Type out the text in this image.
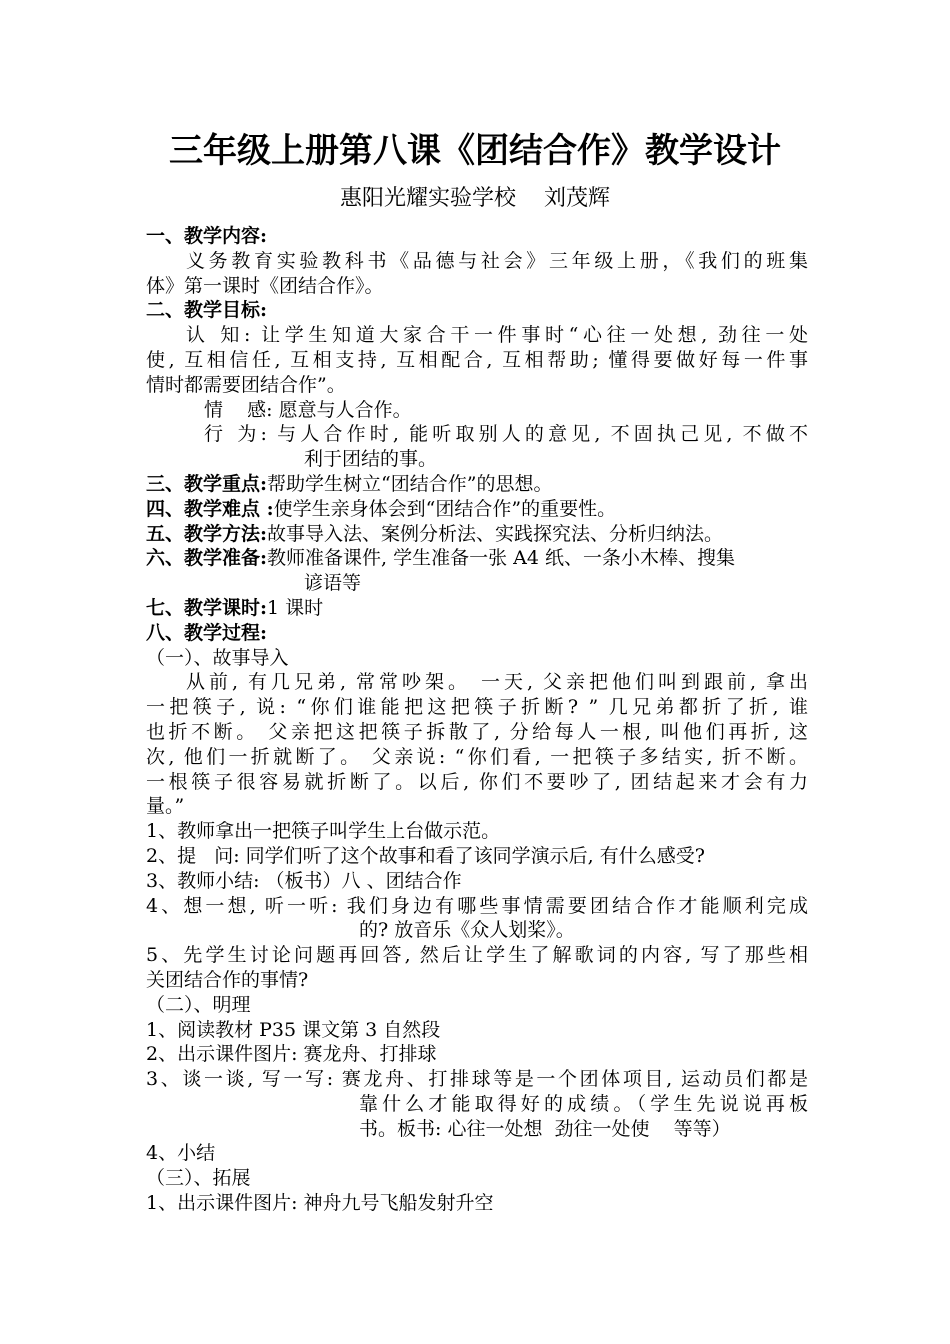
三年级上册第八课《团结合作》教学设计
惠阳光耀实验学校    刘茂辉
一、教学内容:
义务教育实验教科书《品德与社会》三年级上册，《我们的班集
体》第一课时《团结合作》。
二、教学目标:
认 知: 让学生知道大家合干一件事时“心往一处想, 劲往一处
使, 互相信任, 互相支持, 互相配合, 互相帮助; 懂得要做好每一件事
情时都需要团结合作”。
情    感: 愿意与人合作。
行 为: 与人合作时, 能听取别人的意见, 不固执己见, 不做不
利于团结的事。
三、教学重点: 帮助学生树立“团结合作”的思想。
四、教学难点 : 使学生亲身体会到“团结合作”的重要性。
五、教学方法: 故事导入法、案例分析法、实践探究法、分析归纳法。
六、教学准备: 教师准备课件, 学生准备一张 A4 纸、一条小木棒、搜集
谚语等
七、教学课时: 1 课时
八、教学过程:
（一）、故事导入
从前, 有几兄弟, 常常吵架。 一天, 父亲把他们叫到跟前, 拿出
一把筷子, 说: “你们谁能把这把筷子折断? ” 几兄弟都折了折, 谁
也折不断。 父亲把这把筷子拆散了, 分给每人一根, 叫他们再折, 这
次, 他们一折就断了。 父亲说: “你们看, 一把筷子多结实, 折不断。
一根筷子很容易就折断了。以后, 你们不要吵了, 团结起来才会有力
量。”
1、教师拿出一把筷子叫学生上台做示范。
2、提   问: 同学们听了这个故事和看了该同学演示后, 有什么感受?
3、教师小结: （板书）八 、团结合作
4、想一想, 听一听: 我们身边有哪些事情需要团结合作才能顺利完成
的? 放音乐《众人划桨》。
5、先学生讨论问题再回答, 然后让学生了解歌词的内容, 写了那些相
关团结合作的事情?
（二）、明理
1、阅读教材 P35 课文第 3 自然段
2、出示课件图片: 赛龙舟、打排球
3、谈一谈, 写一写: 赛龙舟、打排球等是一个团体项目, 运动员们都是
靠什么才能取得好的成绩。（学生先说说再板
书。板书: 心往一处想  劲往一处使    等等）
4、小结
（三）、拓展
1、出示课件图片: 神舟九号飞船发射升空
